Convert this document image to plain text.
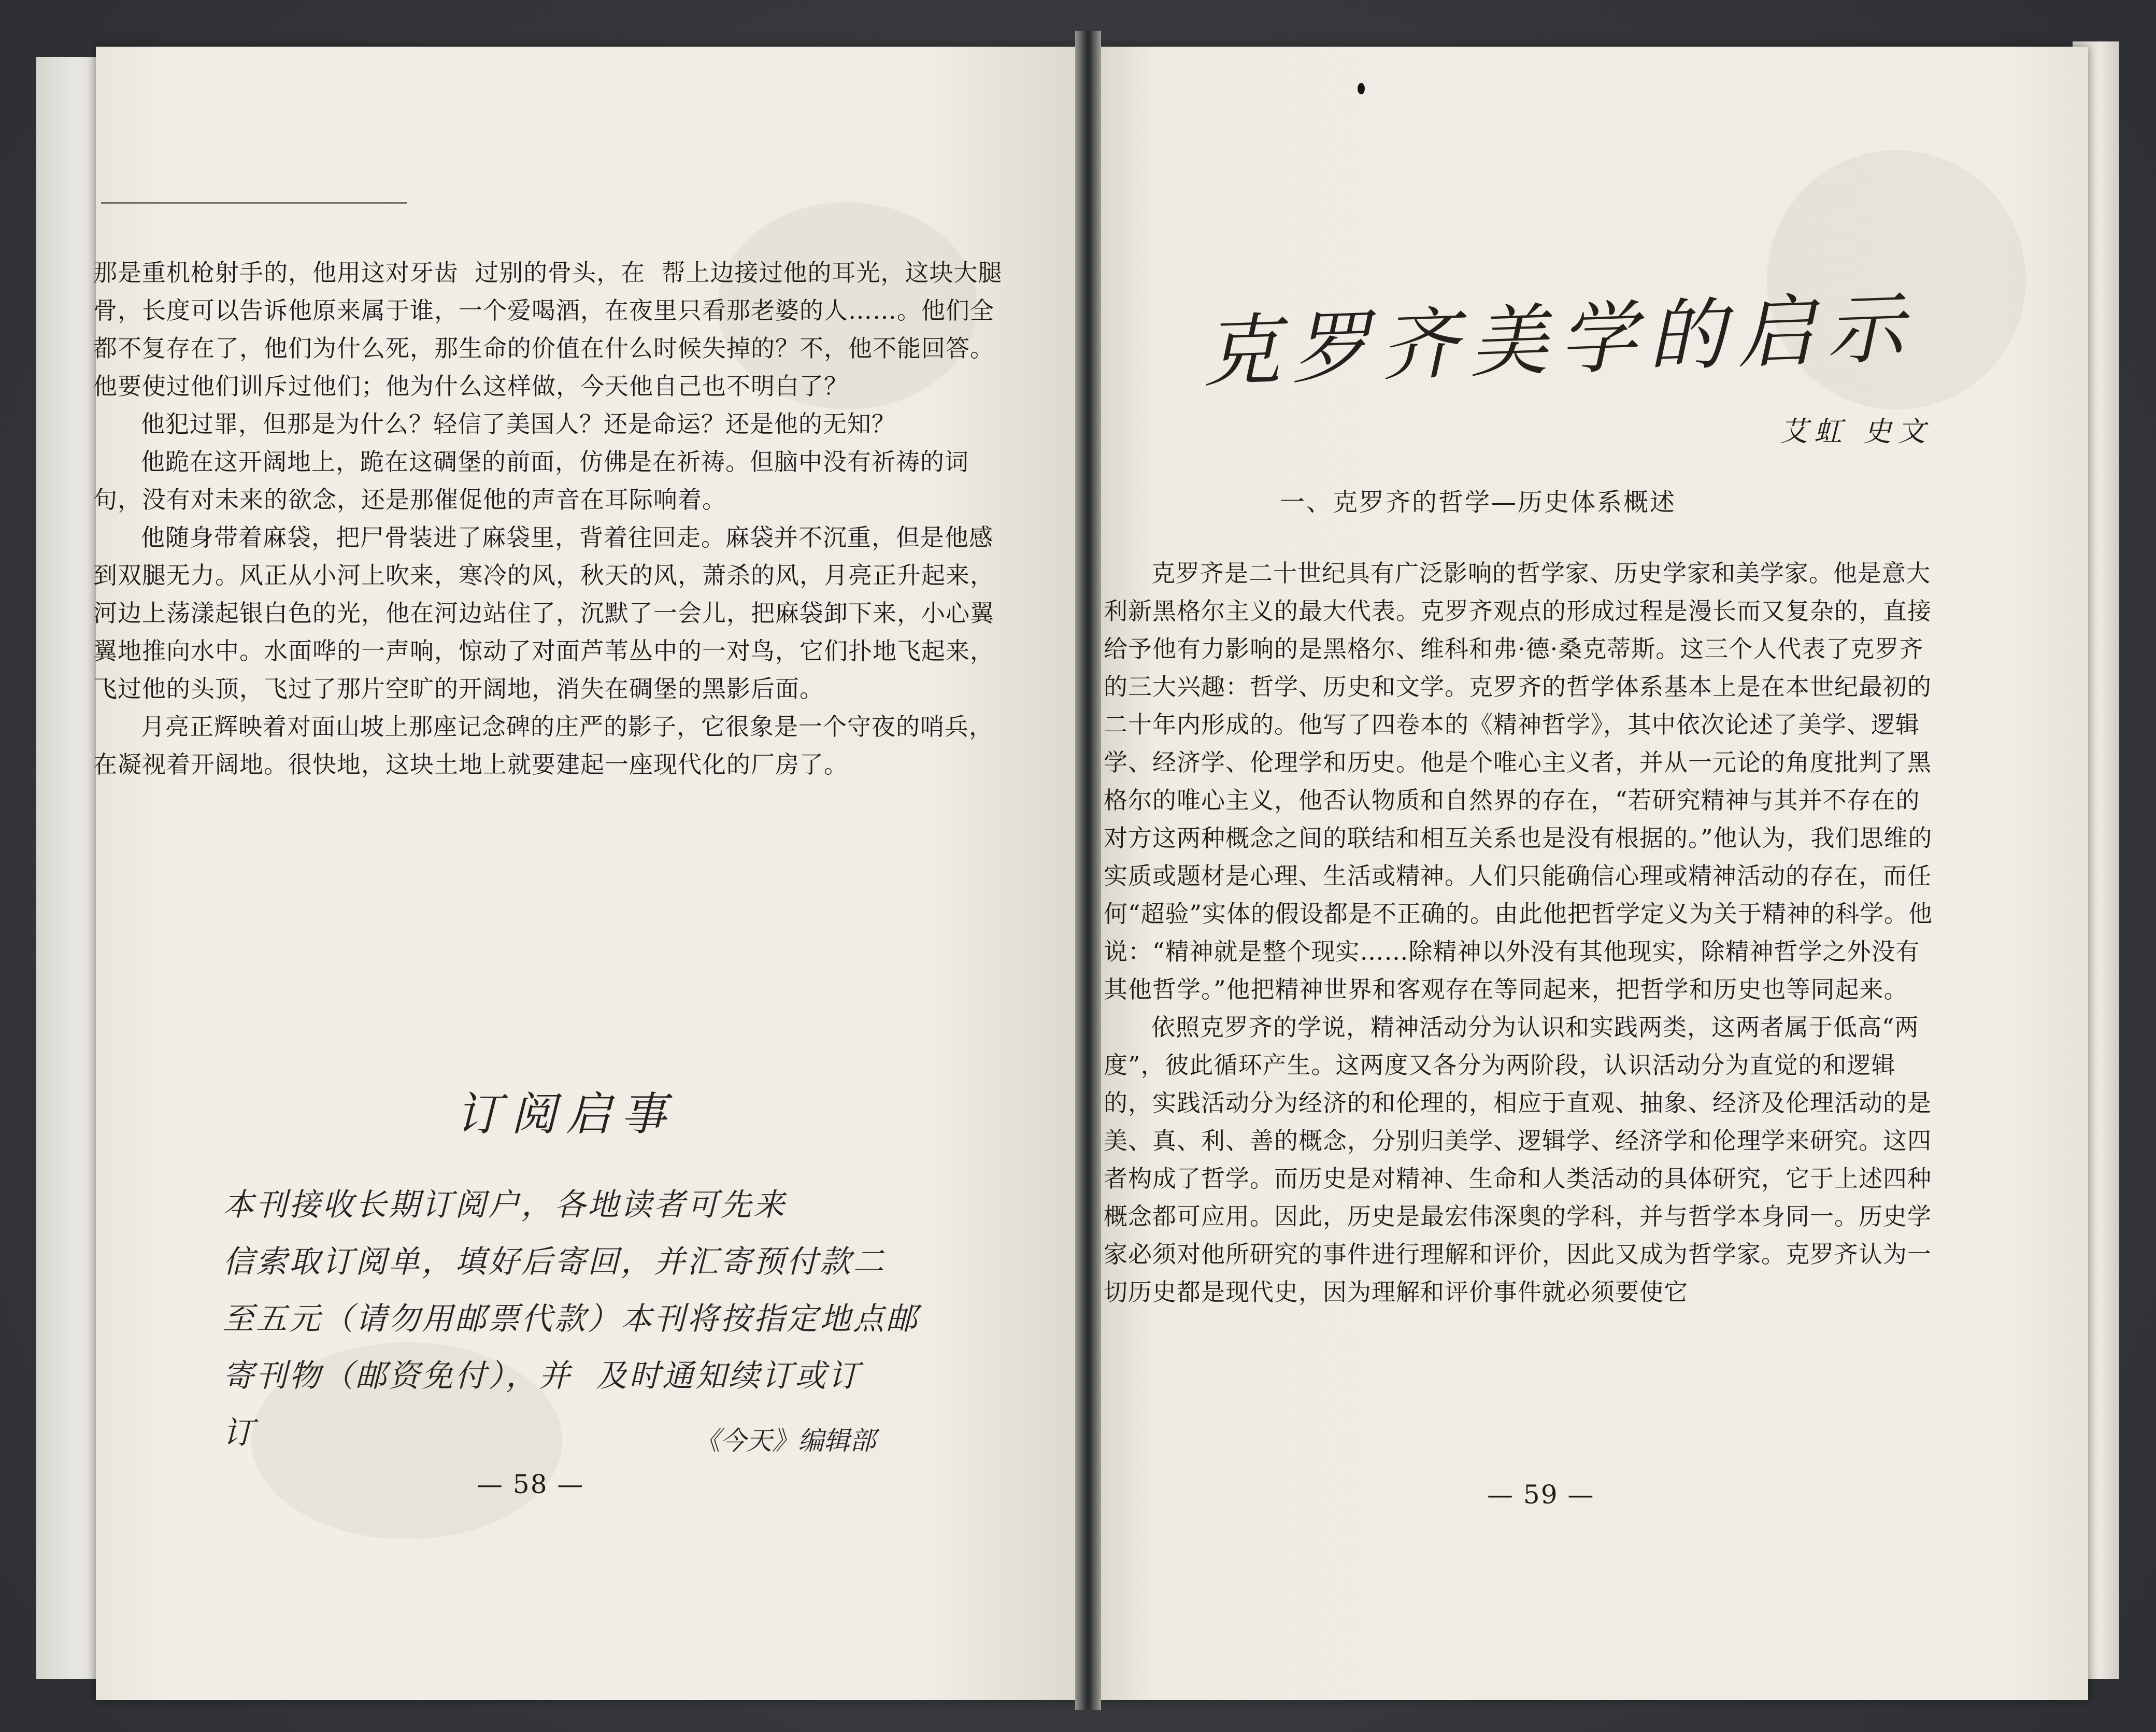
那是重机枪射手的，他用这对牙齿  过别的骨头，在  帮上边接过他的耳光，这块大腿骨，长度可以告诉他原来属于谁，一个爱喝酒，在夜里只看那老婆的人……。他们全都不复存在了，他们为什么死，那生命的价值在什么时候失掉的？不，他不能回答。他要使过他们训斥过他们；他为什么这样做，今天他自己也不明白了？

他犯过罪，但那是为什么？轻信了美国人？还是命运？还是他的无知？

他跪在这开阔地上，跪在这碉堡的前面，仿佛是在祈祷。但脑中没有祈祷的词句，没有对未来的欲念，还是那催促他的声音在耳际响着。

他随身带着麻袋，把尸骨装进了麻袋里，背着往回走。麻袋并不沉重，但是他感到双腿无力。风正从小河上吹来，寒冷的风，秋天的风，萧杀的风，月亮正升起来，河边上荡漾起银白色的光，他在河边站住了，沉默了一会儿，把麻袋卸下来，小心翼翼地推向水中。水面哗的一声响，惊动了对面芦苇丛中的一对鸟，它们扑地飞起来，飞过他的头顶，飞过了那片空旷的开阔地，消失在碉堡的黑影后面。

月亮正辉映着对面山坡上那座记念碑的庄严的影子，它很象是一个守夜的哨兵，在凝视着开阔地。很快地，这块土地上就要建起一座现代化的厂房了。

订阅启事
本刊接收长期订阅户，各地读者可先来
信索取订阅单，填好后寄回，并汇寄预付款二
至五元（请勿用邮票代款）本刊将按指定地点邮
寄刊物（邮资免付），并  及时通知续订或订
订	《今天》编辑部
— 58 —
克罗齐美学的启示
艾虹 史文
一、克罗齐的哲学—历史体系概述

克罗齐是二十世纪具有广泛影响的哲学家、历史学家和美学家。他是意大利新黑格尔主义的最大代表。克罗齐观点的形成过程是漫长而又复杂的，直接给予他有力影响的是黑格尔、维科和弗·德·桑克蒂斯。这三个人代表了克罗齐的三大兴趣：哲学、历史和文学。克罗齐的哲学体系基本上是在本世纪最初的二十年内形成的。他写了四卷本的《精神哲学》，其中依次论述了美学、逻辑学、经济学、伦理学和历史。他是个唯心主义者，并从一元论的角度批判了黑格尔的唯心主义，他否认物质和自然界的存在，“若研究精神与其并不存在的对方这两种概念之间的联结和相互关系也是没有根据的。”他认为，我们思维的实质或题材是心理、生活或精神。人们只能确信心理或精神活动的存在，而任何“超验”实体的假设都是不正确的。由此他把哲学定义为关于精神的科学。他说：“精神就是整个现实……除精神以外没有其他现实，除精神哲学之外没有其他哲学。”他把精神世界和客观存在等同起来，把哲学和历史也等同起来。

依照克罗齐的学说，精神活动分为认识和实践两类，这两者属于低高“两度”，彼此循环产生。这两度又各分为两阶段，认识活动分为直觉的和逻辑的，实践活动分为经济的和伦理的，相应于直观、抽象、经济及伦理活动的是美、真、利、善的概念，分别归美学、逻辑学、经济学和伦理学来研究。这四者构成了哲学。而历史是对精神、生命和人类活动的具体研究，它于上述四种概念都可应用。因此，历史是最宏伟深奥的学科，并与哲学本身同一。历史学家必须对他所研究的事件进行理解和评价，因此又成为哲学家。克罗齐认为一切历史都是现代史，因为理解和评价事件就必须要使它

— 59 —
